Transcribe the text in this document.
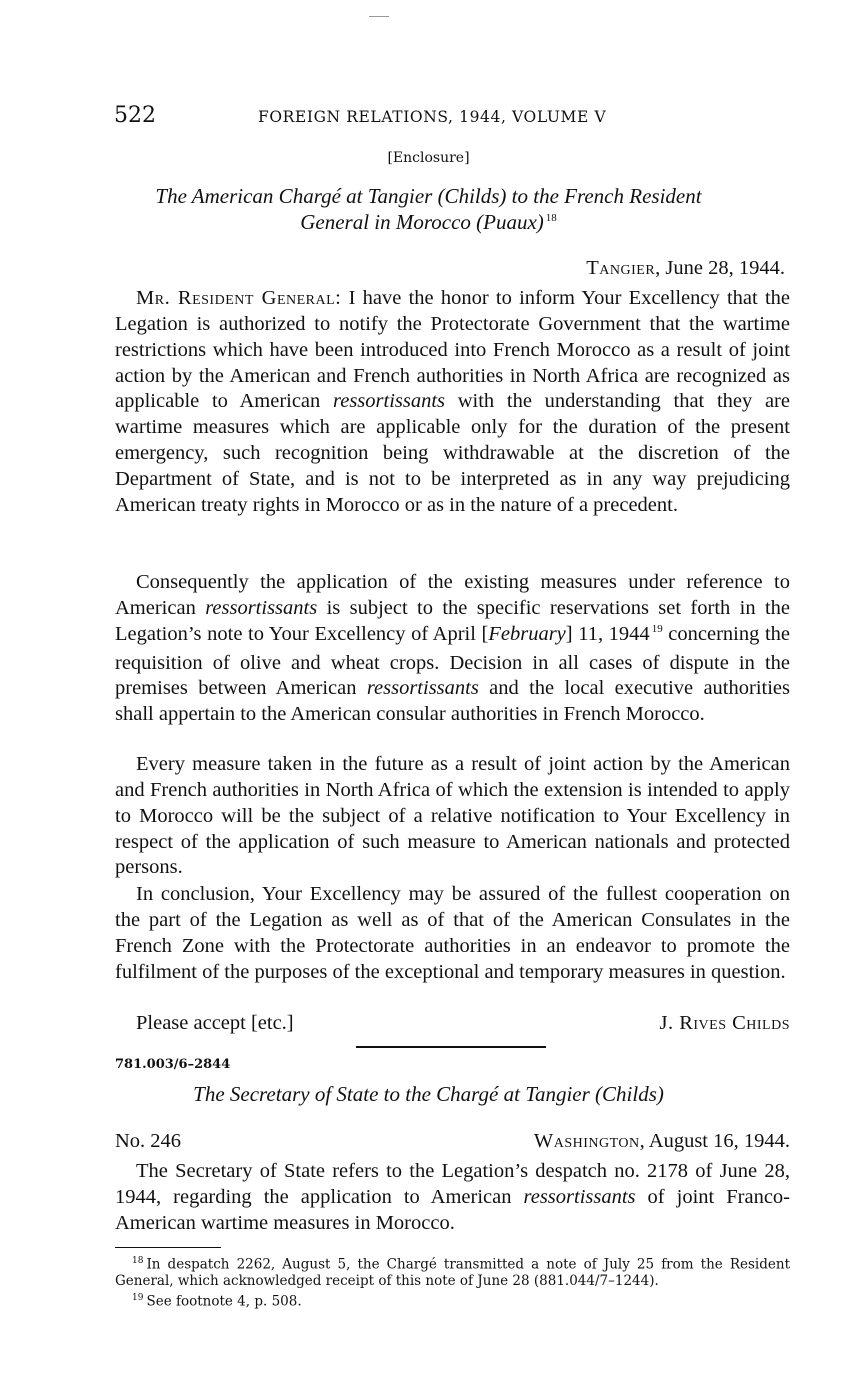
522	FOREIGN RELATIONS, 1944, VOLUME V
[Enclosure]
The American Chargé at Tangier (Childs) to the French Resident
General in Morocco (Puaux) $^{18}$
Tangier, June 28, 1944.

Mr. Resident General: I have the honor to inform Your Excellency that the Legation is authorized to notify the Protectorate Government that the wartime restrictions which have been introduced into French Morocco as a result of joint action by the American and French authorities in North Africa are recognized as applicable to American ressortissants with the understanding that they are wartime measures which are applicable only for the duration of the present emergency, such recognition being withdrawable at the discretion of the Department of State, and is not to be interpreted as in any way prejudicing American treaty rights in Morocco or as in the nature of a precedent.

Consequently the application of the existing measures under reference to American ressortissants is subject to the specific reservations set forth in the Legation’s note to Your Excellency of April [February] 11, 1944 $^{19}$ concerning the requisition of olive and wheat crops. Decision in all cases of dispute in the premises between American ressortissants and the local executive authorities shall appertain to the American consular authorities in French Morocco.

Every measure taken in the future as a result of joint action by the American and French authorities in North Africa of which the extension is intended to apply to Morocco will be the subject of a relative notification to Your Excellency in respect of the application of such measure to American nationals and protected persons.

In conclusion, Your Excellency may be assured of the fullest cooperation on the part of the Legation as well as of that of the American Consulates in the French Zone with the Protectorate authorities in an endeavor to promote the fulfilment of the purposes of the exceptional and temporary measures in question.

Please accept [etc.]	J. Rives Childs
781.003/6–2844
The Secretary of State to the Chargé at Tangier (Childs)
No. 246	Washington, August 16, 1944.

The Secretary of State refers to the Legation’s despatch no. 2178 of June 28, 1944, regarding the application to American ressortissants of joint Franco-American wartime measures in Morocco.

$^{18}$ In despatch 2262, August 5, the Chargé transmitted a note of July 25 from the Resident General, which acknowledged receipt of this note of June 28 (881.044/7–1244).

$^{19}$ See footnote 4, p. 508.
